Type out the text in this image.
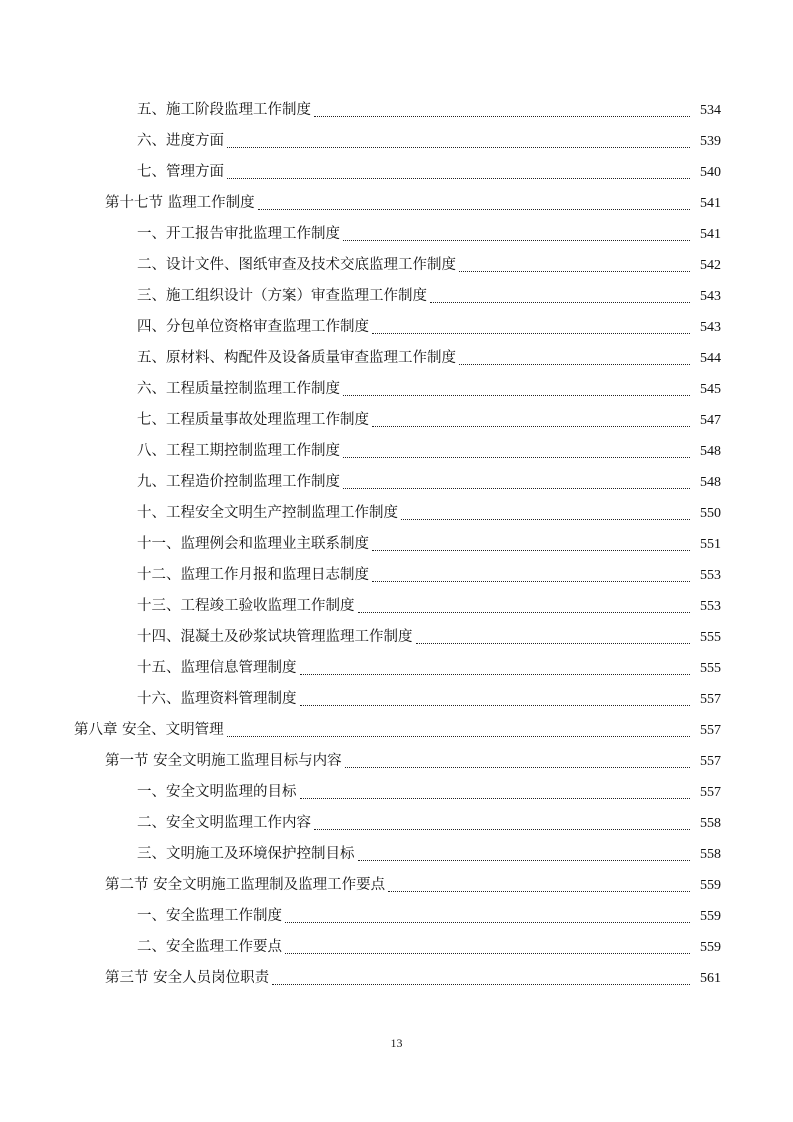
五、施工阶段监理工作制度	534
六、进度方面	539
七、管理方面	540
第十七节 监理工作制度	541
一、开工报告审批监理工作制度	541
二、设计文件、图纸审查及技术交底监理工作制度	542
三、施工组织设计（方案）审查监理工作制度	543
四、分包单位资格审查监理工作制度	543
五、原材料、构配件及设备质量审查监理工作制度	544
六、工程质量控制监理工作制度	545
七、工程质量事故处理监理工作制度	547
八、工程工期控制监理工作制度	548
九、工程造价控制监理工作制度	548
十、工程安全文明生产控制监理工作制度	550
十一、监理例会和监理业主联系制度	551
十二、监理工作月报和监理日志制度	553
十三、工程竣工验收监理工作制度	553
十四、混凝土及砂浆试块管理监理工作制度	555
十五、监理信息管理制度	555
十六、监理资料管理制度	557
第八章 安全、文明管理	557
第一节 安全文明施工监理目标与内容	557
一、安全文明监理的目标	557
二、安全文明监理工作内容	558
三、文明施工及环境保护控制目标	558
第二节 安全文明施工监理制及监理工作要点	559
一、安全监理工作制度	559
二、安全监理工作要点	559
第三节 安全人员岗位职责	561
13
